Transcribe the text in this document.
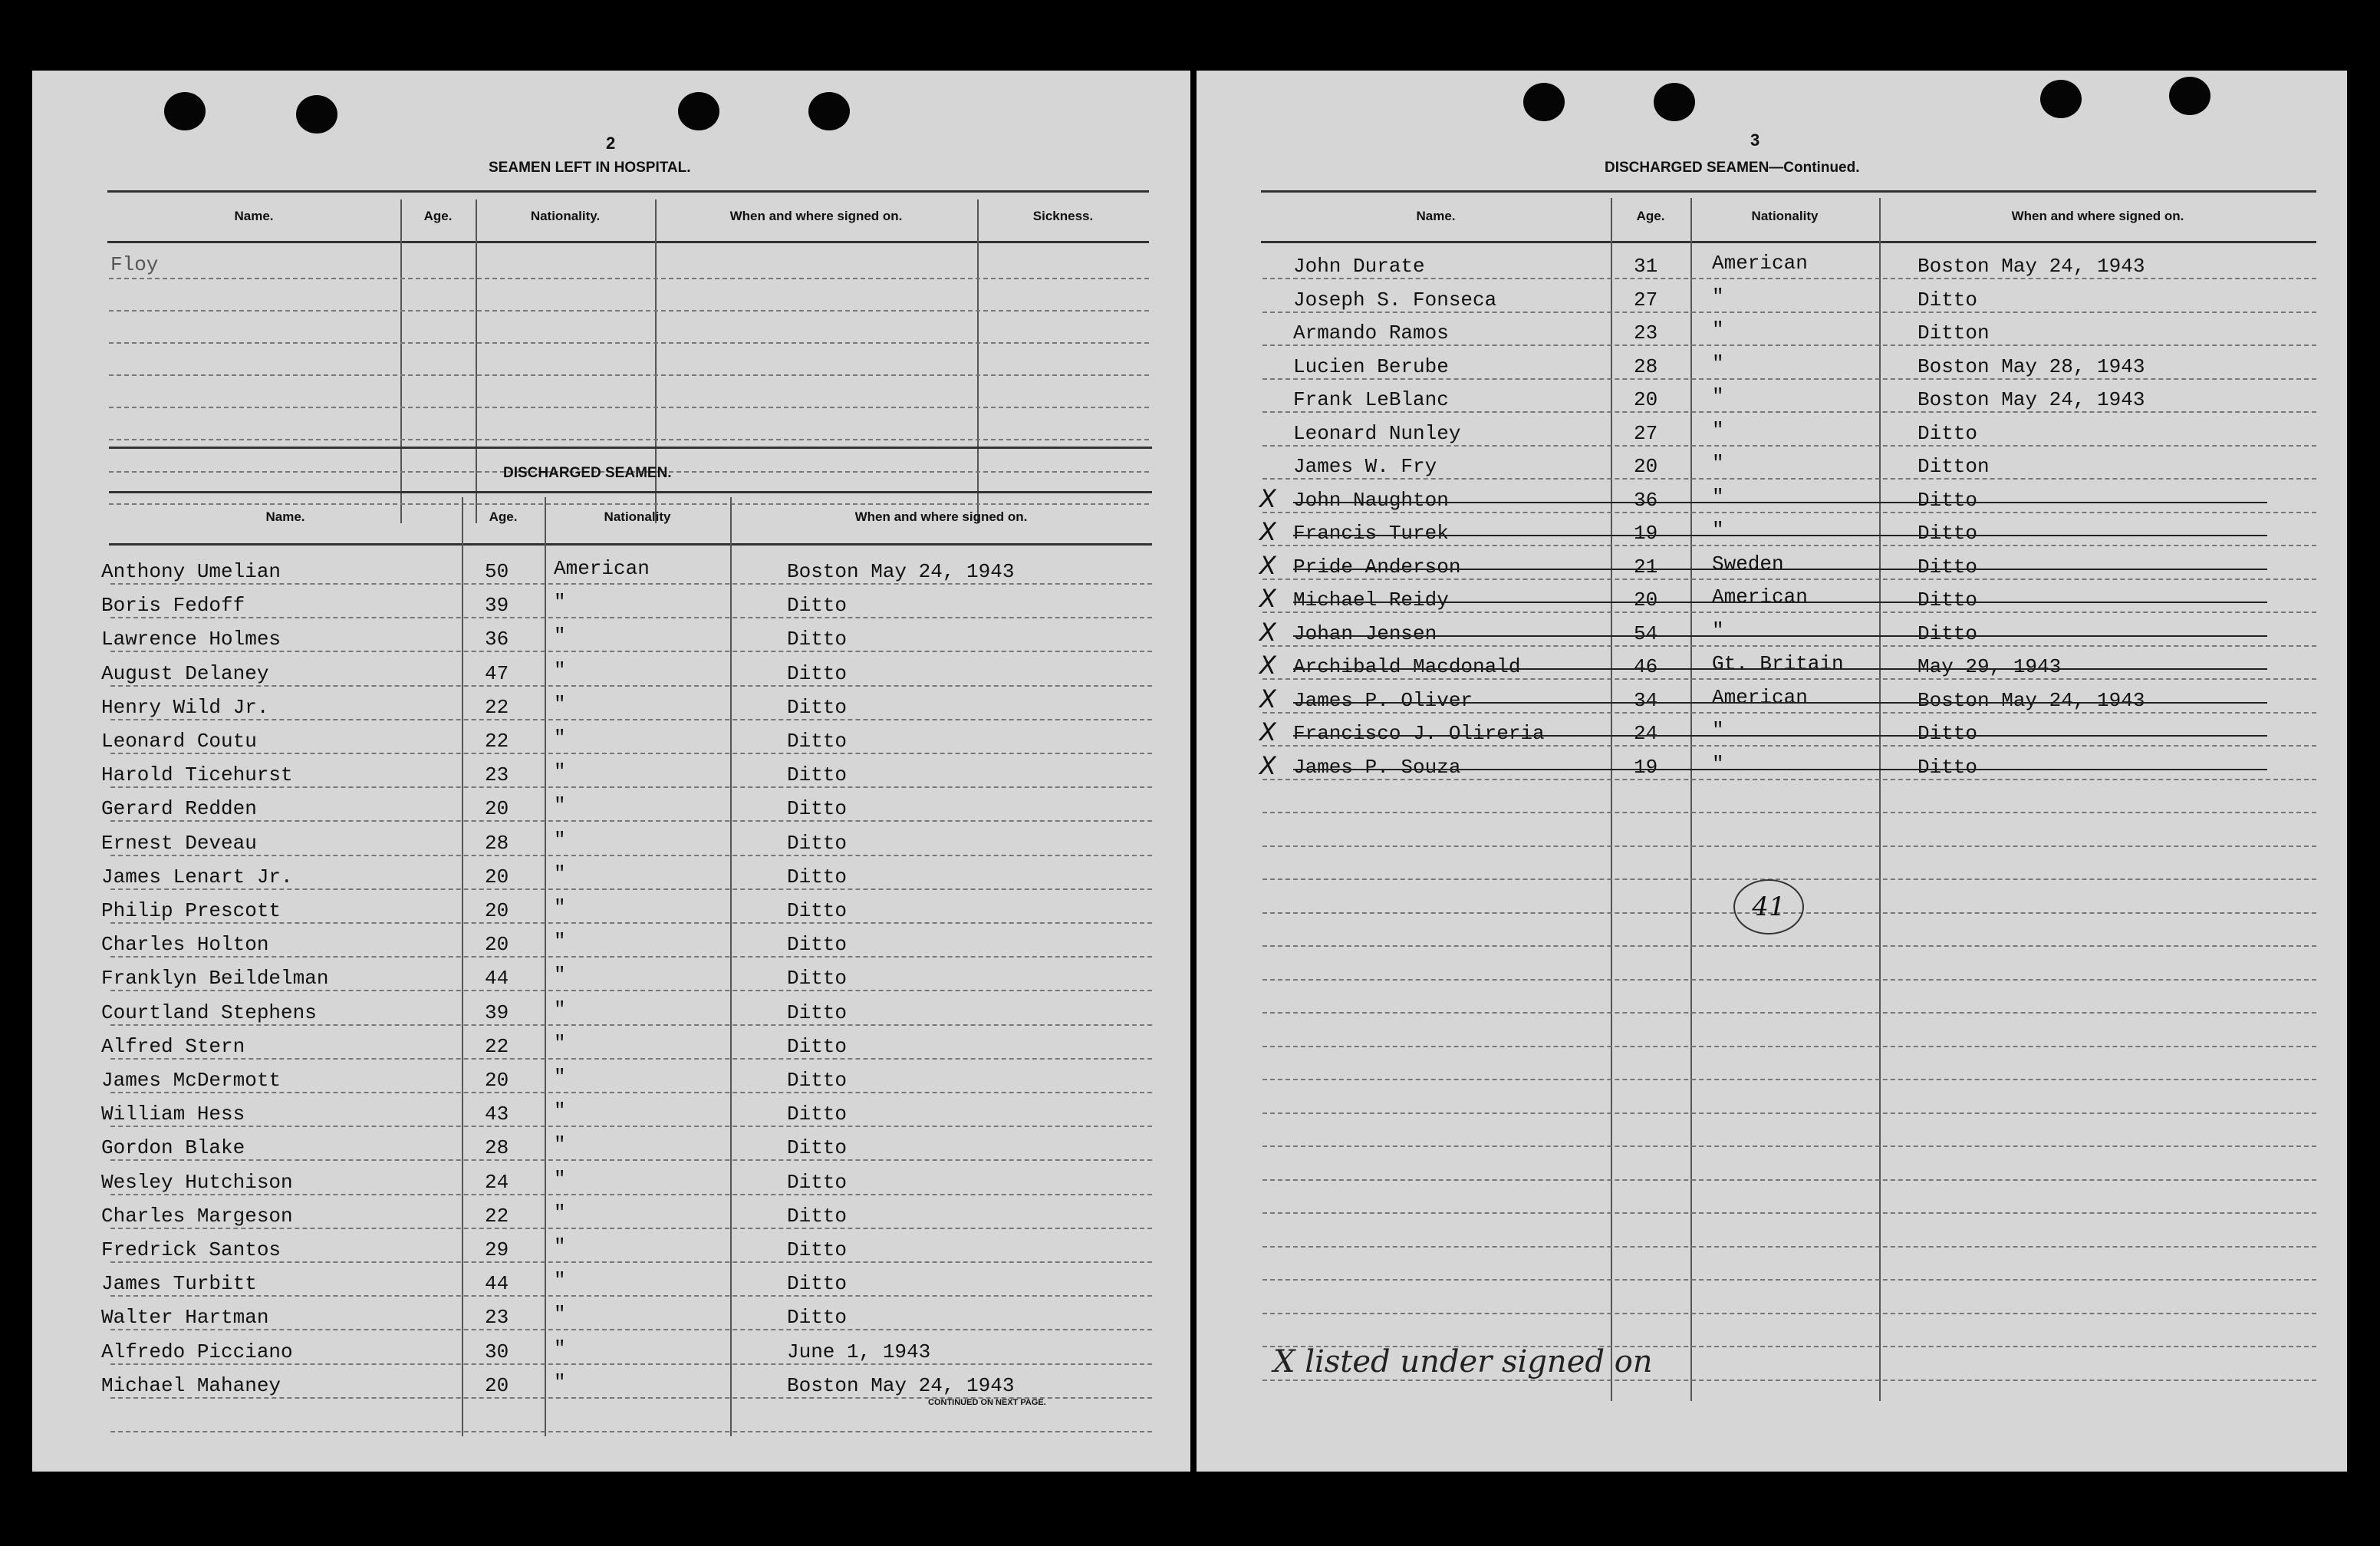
2
SEAMEN LEFT IN HOSPITAL.
Name.	Age.	Nationality.	When and where signed on.	Sickness.
Floy
DISCHARGED SEAMEN.
Name.	Age.	Nationality	When and where signed on.
Anthony Umelian	50 American	Boston May 24, 1943
Boris Fedoff	39 "	Ditto
Lawrence Holmes	36 "	Ditto
August Delaney	47 "	Ditto
Henry Wild Jr.	22 "	Ditto
Leonard Coutu	22 "	Ditto
Harold Ticehurst	23 "	Ditto
Gerard Redden	20 "	Ditto
Ernest Deveau	28 "	Ditto
James Lenart Jr.	20 "	Ditto
Philip Prescott	20 "	Ditto
Charles Holton	20 "	Ditto
Franklyn Beildelman	44 "	Ditto
Courtland Stephens	39 "	Ditto
Alfred Stern	22 "	Ditto
James McDermott	20 "	Ditto
William Hess	43 "	Ditto
Gordon Blake	28 "	Ditto
Wesley Hutchison	24 "	Ditto
Charles Margeson	22 "	Ditto
Fredrick Santos	29 "	Ditto
James Turbitt	44 "	Ditto
Walter Hartman	23 "	Ditto
Alfredo Picciano	30 "	June 1, 1943
Michael Mahaney	20 "	Boston May 24, 1943
CONTINUED ON NEXT PAGE.
3
DISCHARGED SEAMEN—Continued.
Name.	Age.	Nationality	When and where signed on.
John Durate	31	American	Boston May 24, 1943
Joseph S. Fonseca	27	"	Ditto
Armando Ramos	23	"	Ditton
Lucien Berube	28	"	Boston May 28, 1943
Frank LeBlanc	20	"	Boston May 24, 1943
Leonard Nunley	27	"	Ditto
James W. Fry	20	"	Ditton
John Naughton	36	"	Ditto
X
Francis Turek	19	"	Ditto
X
Pride Anderson	21	Sweden	Ditto
X
Michael Reidy	20	American	Ditto
X
Johan Jensen	54	"	Ditto
X
Archibald Macdonald	46	Gt. Britain	May 29, 1943
X
James P. Oliver	34	American	Boston May 24, 1943
X
Francisco J. Olireria	24	"	Ditto
X
James P. Souza	19	"	Ditto
X
41
X listed under signed on
